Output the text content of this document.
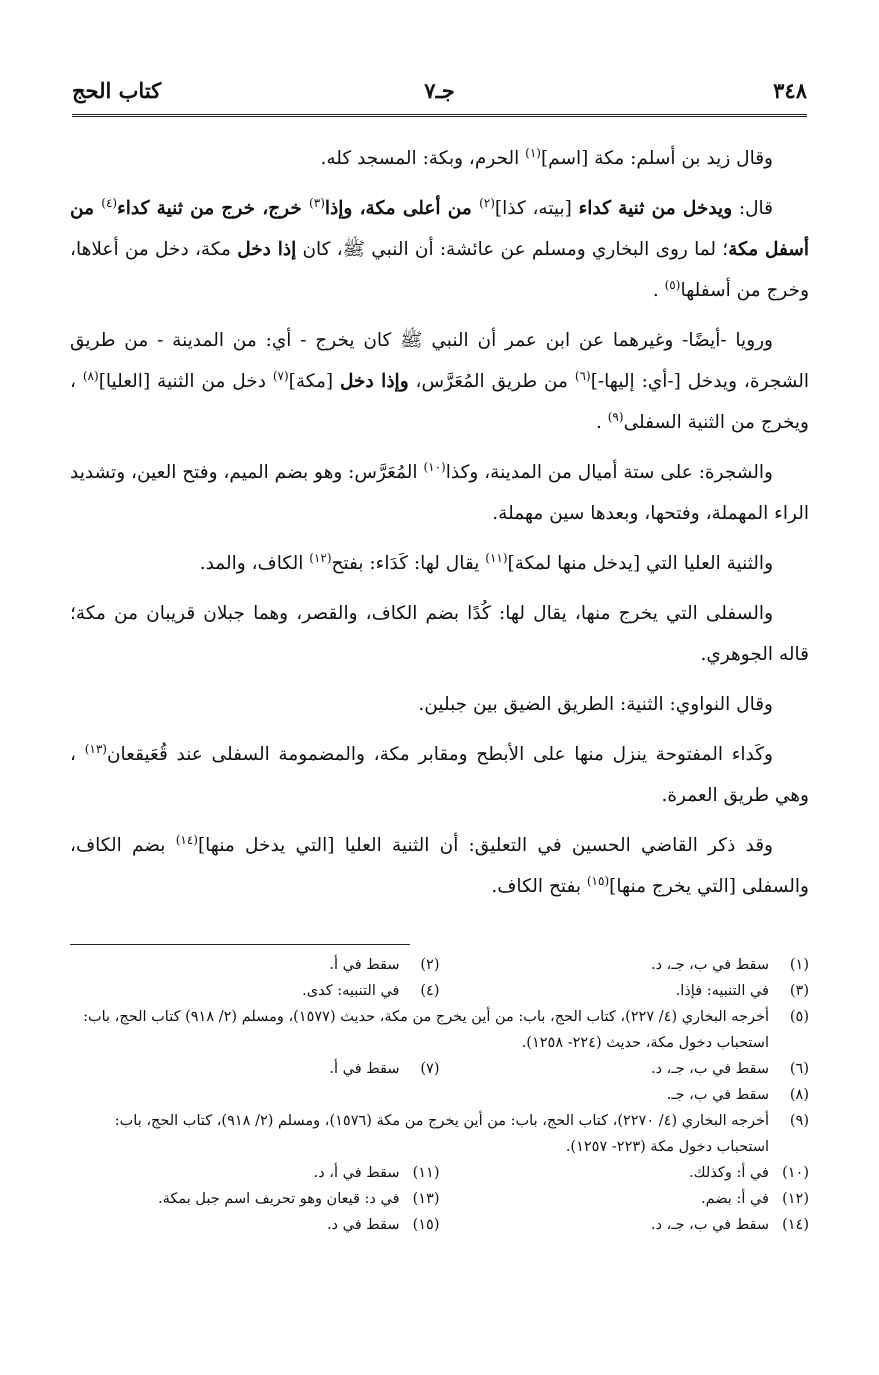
٣٤٨
جـ٧
كتاب الحج

وقال زيد بن أسلم: مكة [اسم]$^{(١)}$ الحرم، وبكة: المسجد كله.

قال: ويدخل من ثنية كداء [بيته، كذا]$^{(٢)}$ من أعلى مكة، وإذا$^{(٣)}$ خرج، خرج من ثنية كداء$^{(٤)}$ من أسفل مكة؛ لما روى البخاري ومسلم عن عائشة: أن النبي ﷺ، كان إذا دخل مكة، دخل من أعلاها، وخرج من أسفلها$^{(٥)}$ .

ورويا -أيضًا- وغيرهما عن ابن عمر أن النبي ﷺ كان يخرج - أي: من المدينة - من طريق الشجرة، ويدخل [-أي: إليها-]$^{(٦)}$ من طريق المُعَرَّس، وإذا دخل [مكة]$^{(٧)}$ دخل من الثنية [العليا]$^{(٨)}$ ، ويخرج من الثنية السفلى$^{(٩)}$ .

والشجرة: على ستة أميال من المدينة، وكذا$^{(١٠)}$ المُعَرَّس: وهو بضم الميم، وفتح العين، وتشديد الراء المهملة، وفتحها، وبعدها سين مهملة.

والثنية العليا التي [يدخل منها لمكة]$^{(١١)}$ يقال لها: كَدَاء: بفتح$^{(١٢)}$ الكاف، والمد.

والسفلى التي يخرج منها، يقال لها: كُدًا بضم الكاف، والقصر، وهما جبلان قريبان من مكة؛ قاله الجوهري.

وقال النواوي: الثنية: الطريق الضيق بين جبلين.

وكَداء المفتوحة ينزل منها على الأبطح ومقابر مكة، والمضمومة السفلى عند قُعَيقعان$^{(١٣)}$ ، وهي طريق العمرة.

وقد ذكر القاضي الحسين في التعليق: أن الثنية العليا [التي يدخل منها]$^{(١٤)}$ بضم الكاف، والسفلى [التي يخرج منها]$^{(١٥)}$ بفتح الكاف.

(١)
سقط في ب، جـ، د.
(٢)
سقط في أ.
(٣)
في التنبيه: فإذا.
(٤)
في التنبيه: كدى.
(٥)
أخرجه البخاري (٤/ ٢٢٧)، كتاب الحج، باب: من أين يخرج من مكة، حديث (١٥٧٧)، ومسلم (٢/ ٩١٨) كتاب الحج، باب: استحباب دخول مكة، حديث (٢٢٤- ١٢٥٨).
(٦)
سقط في ب، جـ، د.
(٧)
سقط في أ.
(٨)
سقط في ب، جـ.
(٩)
أخرجه البخاري (٤/ ٢٢٧٠)، كتاب الحج، باب: من أين يخرج من مكة (١٥٧٦)، ومسلم (٢/ ٩١٨)، كتاب الحج، باب: استحباب دخول مكة (٢٢٣- ١٢٥٧).
(١٠)
في أ: وكذلك.
(١١)
سقط في أ، د.
(١٢)
في أ: بضم.
(١٣)
في د: قيعان وهو تحريف اسم جبل بمكة.
(١٤)
سقط في ب، جـ، د.
(١٥)
سقط في د.
